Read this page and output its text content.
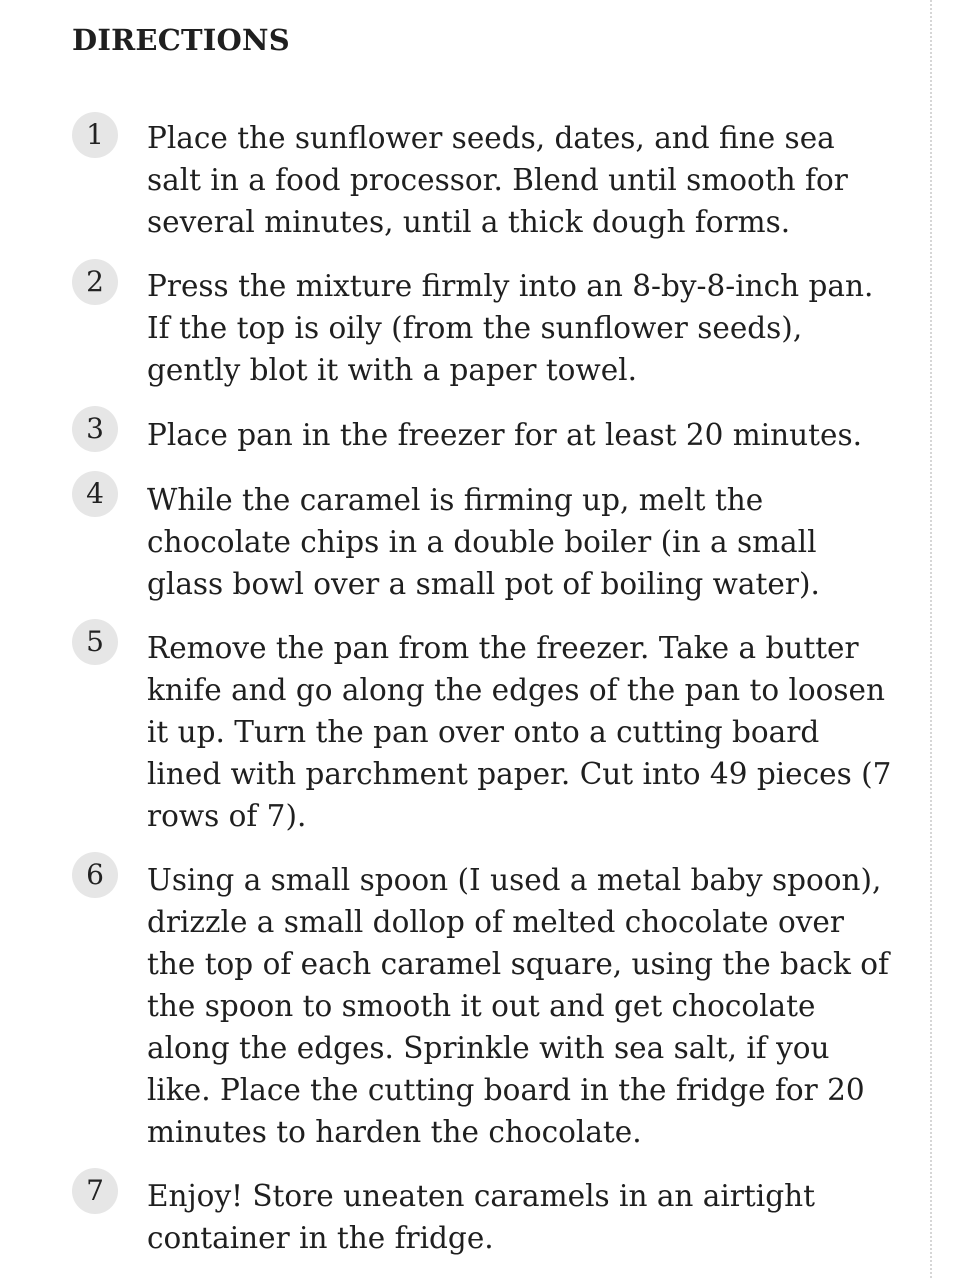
DIRECTIONS
1	Place the sunflower seeds, dates, and fine sea salt in a food processor. Blend until smooth for several minutes, until a thick dough forms.

2	Press the mixture firmly into an 8-by-8-inch pan. If the top is oily (from the sunflower seeds), gently blot it with a paper towel.

3	Place pan in the freezer for at least 20 minutes.

4	While the caramel is firming up, melt the chocolate chips in a double boiler (in a small glass bowl over a small pot of boiling water).

5	Remove the pan from the freezer. Take a butter knife and go along the edges of the pan to loosen it up. Turn the pan over onto a cutting board lined with parchment paper. Cut into 49 pieces (7 rows of 7).

6	Using a small spoon (I used a metal baby spoon), drizzle a small dollop of melted chocolate over the top of each caramel square, using the back of the spoon to smooth it out and get chocolate along the edges. Sprinkle with sea salt, if you like. Place the cutting board in the fridge for 20 minutes to harden the chocolate.

7	Enjoy! Store uneaten caramels in an airtight container in the fridge.
